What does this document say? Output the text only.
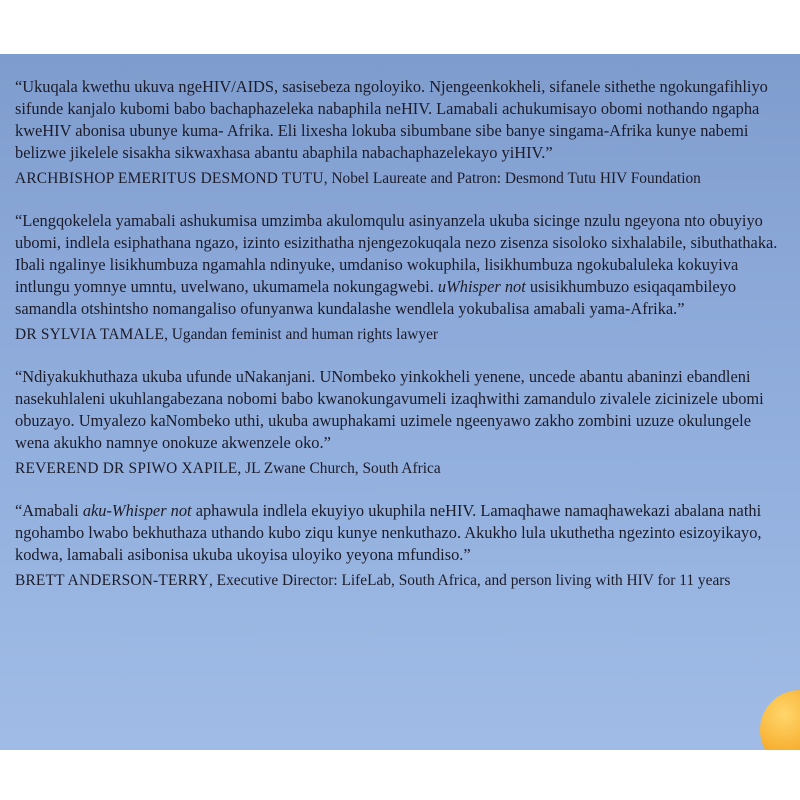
“Ukuqala kwethu ukuva ngeHIV/AIDS, sasisebeza ngoloyiko. Njengeenkokheli, sifanele sithethe ngokungafihliyo sifunde kanjalo kubomi babo bachaphazeleka nabaphila neHIV. Lamabali achukumisayo obomi nothando ngapha kweHIV abonisa ubunye kuma- Afrika. Eli lixesha lokuba sibumbane sibe banye singama-Afrika kunye nabemi belizwe jikelele sisakha sikwaxhasa abantu abaphila nabachaphazelekayo yiHIV.”

ARCHBISHOP EMERITUS DESMOND TUTU, Nobel Laureate and Patron: Desmond Tutu HIV Foundation

“Lengqokelela yamabali ashukumisa umzimba akulomqulu asinyanzela ukuba sicinge nzulu ngeyona nto obuyiyo ubomi, indlela esiphathana ngazo, izinto esizithatha njengezokuqala nezo zisenza sisoloko sixhalabile, sibuthathaka. Ibali ngalinye lisikhumbuza ngamahla ndinyuke, umdaniso wokuphila, lisikhumbuza ngokubaluleka kokuyiva intlungu yomnye umntu, uvelwano, ukumamela nokungagwebi. uWhisper not usisikhumbuzo esiqaqambileyo samandla otshintsho nomangaliso ofunyanwa kundalashe wendlela yokubalisa amabali yama-Afrika.”

DR SYLVIA TAMALE, Ugandan feminist and human rights lawyer

“Ndiyakukhuthaza ukuba ufunde uNakanjani. UNombeko yinkokheli yenene, uncede abantu abaninzi ebandleni nasekuhlaleni ukuhlangabezana nobomi babo kwanokungavumeli izaqhwithi zamandulo zivalele zicinizele ubomi obuzayo. Umyalezo kaNombeko uthi, ukuba awuphakami uzimele ngeenyawo zakho zombini uzuze okulungele wena akukho namnye onokuze akwenzele oko.”

REVEREND DR SPIWO XAPILE, JL Zwane Church, South Africa

“Amabali aku-Whisper not aphawula indlela ekuyiyo ukuphila neHIV. Lamaqhawe namaqhawekazi abalana nathi ngohambo lwabo bekhuthaza uthando kubo ziqu kunye nenkuthazo. Akukho lula ukuthetha ngezinto esizoyikayo, kodwa, lamabali asibonisa ukuba ukoyisa uloyiko yeyona mfundiso.”

BRETT ANDERSON-TERRY, Executive Director: LifeLab, South Africa, and person living with HIV for 11 years
